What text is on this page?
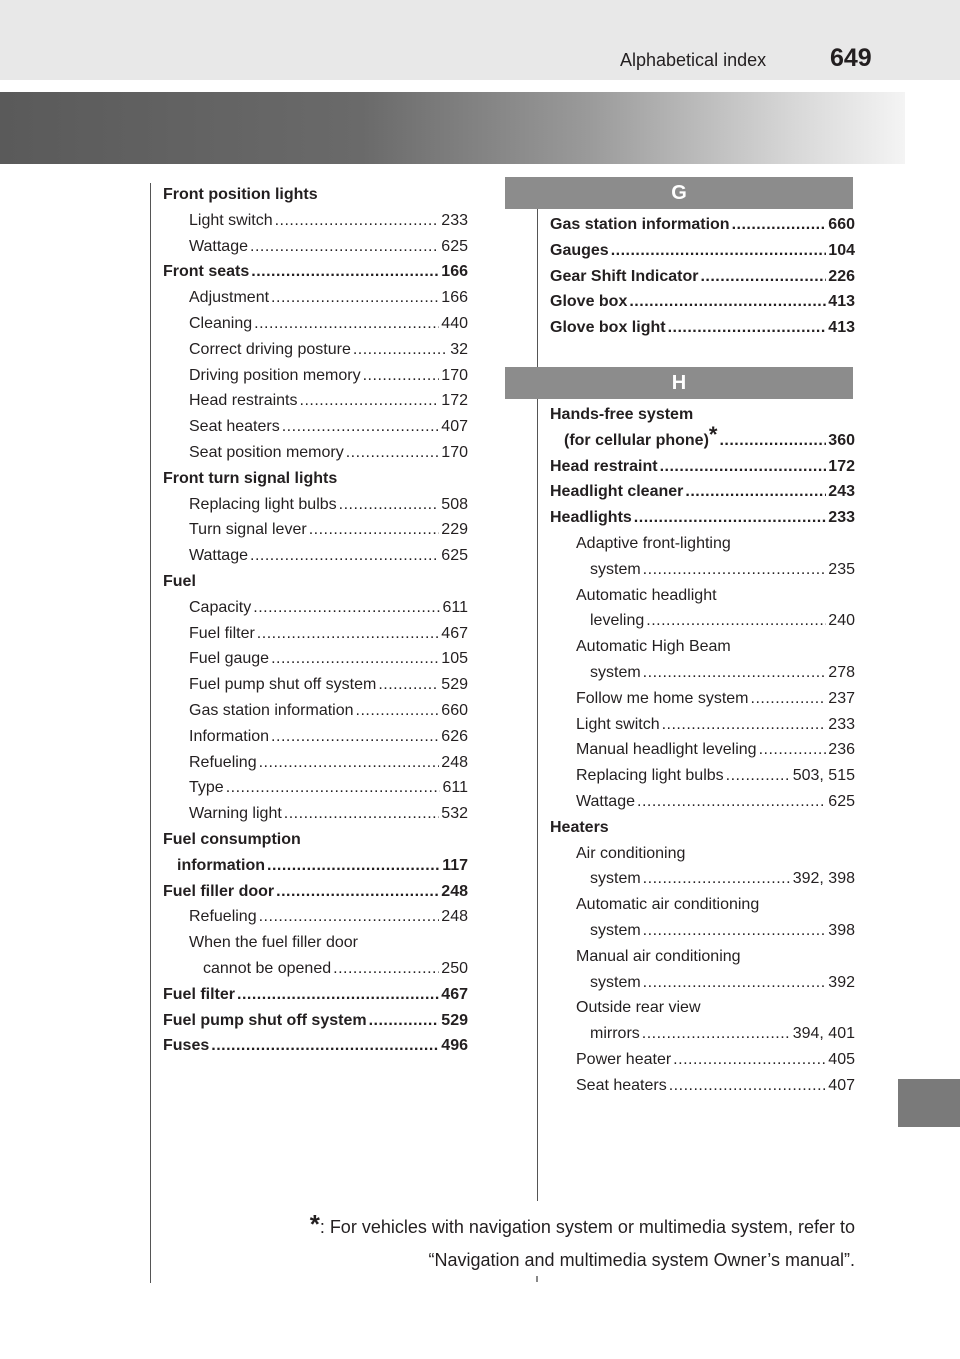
Alphabetical index	649
Front position lights
Light switch .....	233
Wattage .....	625
Front seats .....	166
Adjustment .....	166
Cleaning .....	440
Correct driving posture .....	32
Driving position memory .....	170
Head restraints .....	172
Seat heaters .....	407
Seat position memory .....	170
Front turn signal lights
Replacing light bulbs .....	508
Turn signal lever .....	229
Wattage .....	625
Fuel
Capacity .....	611
Fuel filter .....	467
Fuel gauge .....	105
Fuel pump shut off system .....	529
Gas station information .....	660
Information .....	626
Refueling .....	248
Type .....	611
Warning light .....	532
Fuel consumption
information .....	117
Fuel filler door .....	248
Refueling .....	248
When the fuel filler door
cannot be opened .....	250
Fuel filter .....	467
Fuel pump shut off system .....	529
Fuses .....	496
G
Gas station information .....	660
Gauges .....	104
Gear Shift Indicator .....	226
Glove box .....	413
Glove box light .....	413
H
Hands-free system
(for cellular phone) * .....	360
Head restraint .....	172
Headlight cleaner .....	243
Headlights .....	233
Adaptive front-lighting
system .....	235
Automatic headlight
leveling .....	240
Automatic High Beam
system .....	278
Follow me home system .....	237
Light switch .....	233
Manual headlight leveling .....	236
Replacing light bulbs .....	503, 515
Wattage .....	625
Heaters
Air conditioning
system .....	392, 398
Automatic air conditioning
system .....	398
Manual air conditioning
system .....	392
Outside rear view
mirrors .....	394, 401
Power heater .....	405
Seat heaters .....	407
*: For vehicles with navigation system or multimedia system, refer to
“Navigation and multimedia system Owner’s manual”.
